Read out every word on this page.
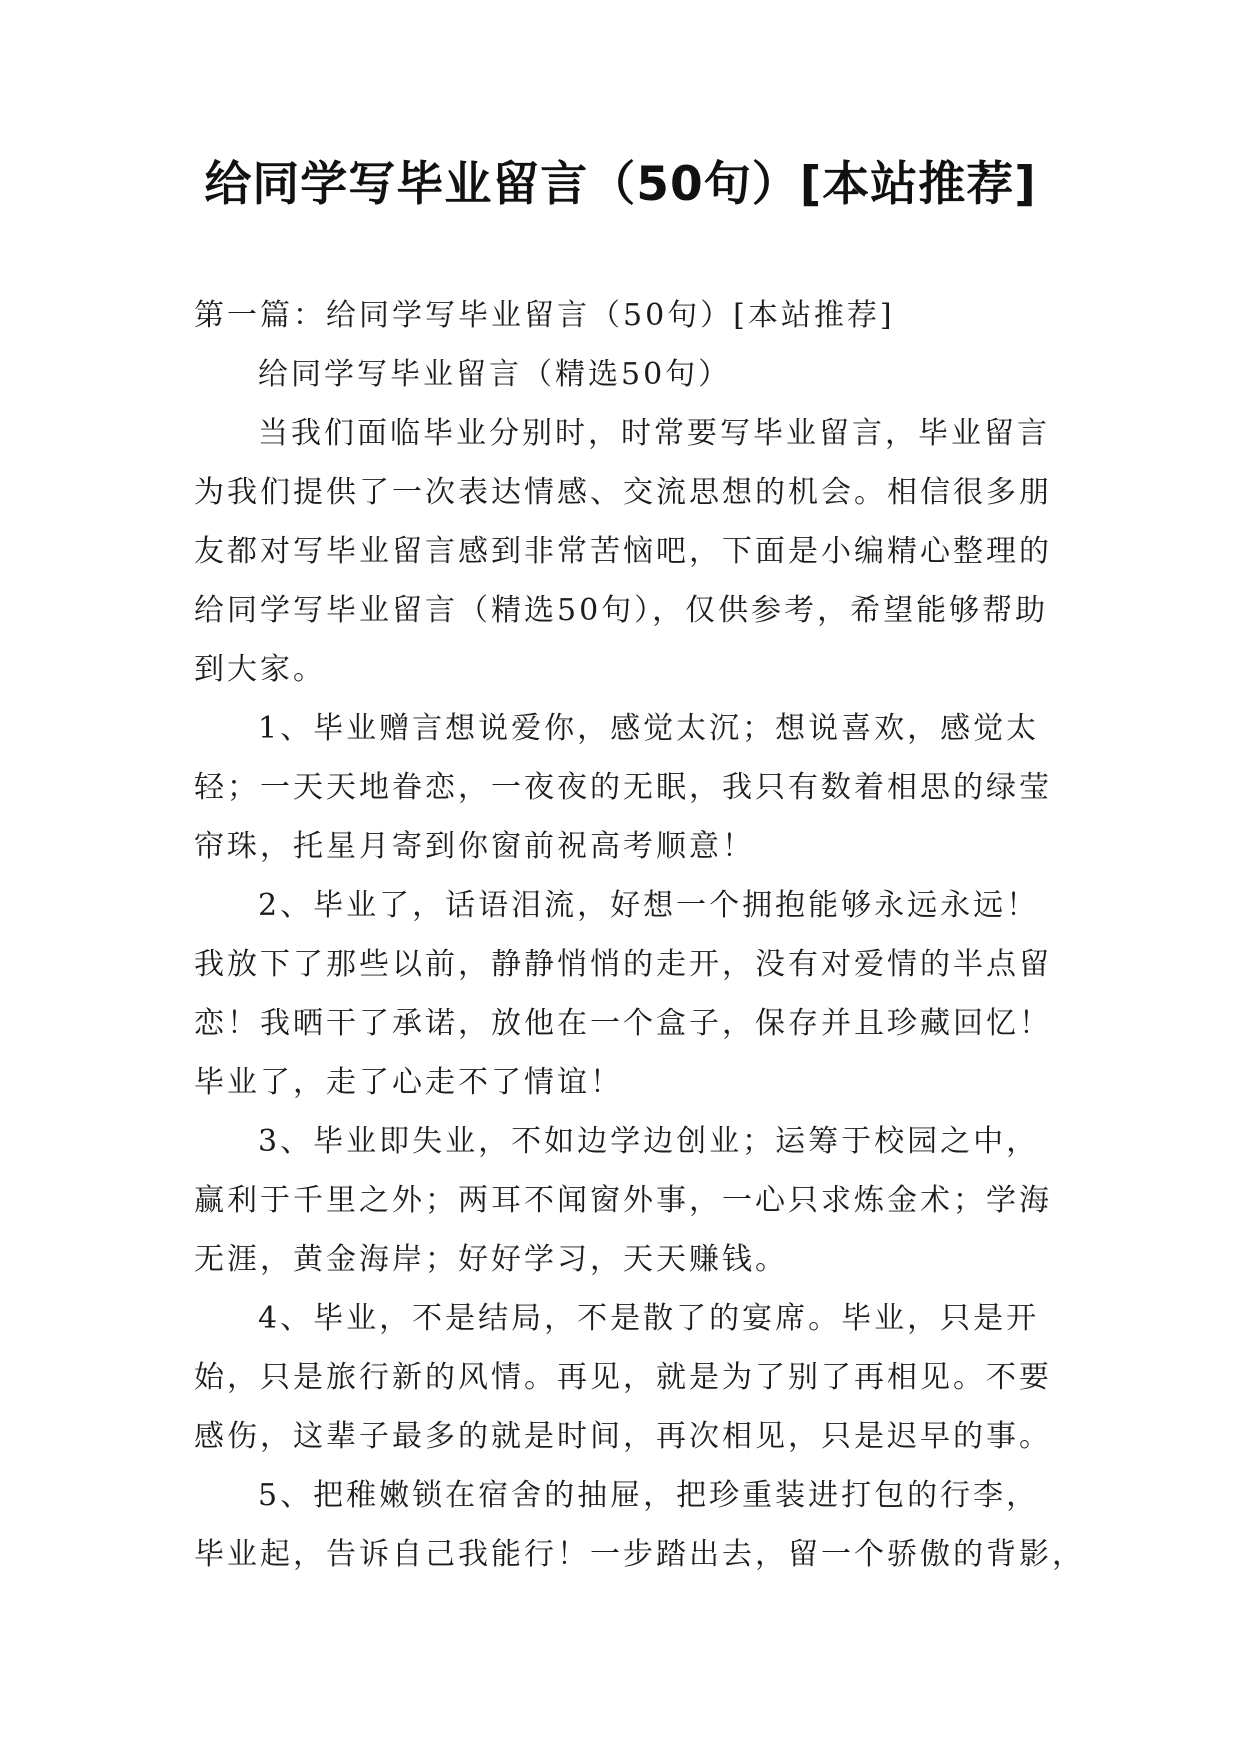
给同学写毕业留言（50句）[本站推荐]

第一篇：给同学写毕业留言（50句）[本站推荐]

给同学写毕业留言（精选50句）

当我们面临毕业分别时，时常要写毕业留言，毕业留言

为我们提供了一次表达情感、交流思想的机会。相信很多朋

友都对写毕业留言感到非常苦恼吧，下面是小编精心整理的

给同学写毕业留言（精选50句），仅供参考，希望能够帮助

到大家。

1、毕业赠言想说爱你，感觉太沉；想说喜欢，感觉太

轻；一天天地眷恋，一夜夜的无眠，我只有数着相思的绿莹

帘珠，托星月寄到你窗前祝高考顺意！

2、毕业了，话语泪流，好想一个拥抱能够永远永远！

我放下了那些以前，静静悄悄的走开，没有对爱情的半点留

恋！我晒干了承诺，放他在一个盒子，保存并且珍藏回忆！

毕业了，走了心走不了情谊！

3、毕业即失业，不如边学边创业；运筹于校园之中，

赢利于千里之外；两耳不闻窗外事，一心只求炼金术；学海

无涯，黄金海岸；好好学习，天天赚钱。

4、毕业，不是结局，不是散了的宴席。毕业，只是开

始，只是旅行新的风情。再见，就是为了别了再相见。不要

感伤，这辈子最多的就是时间，再次相见，只是迟早的事。

5、把稚嫩锁在宿舍的抽屉，把珍重装进打包的行李，

毕业起，告诉自己我能行！一步踏出去，留一个骄傲的背影，
